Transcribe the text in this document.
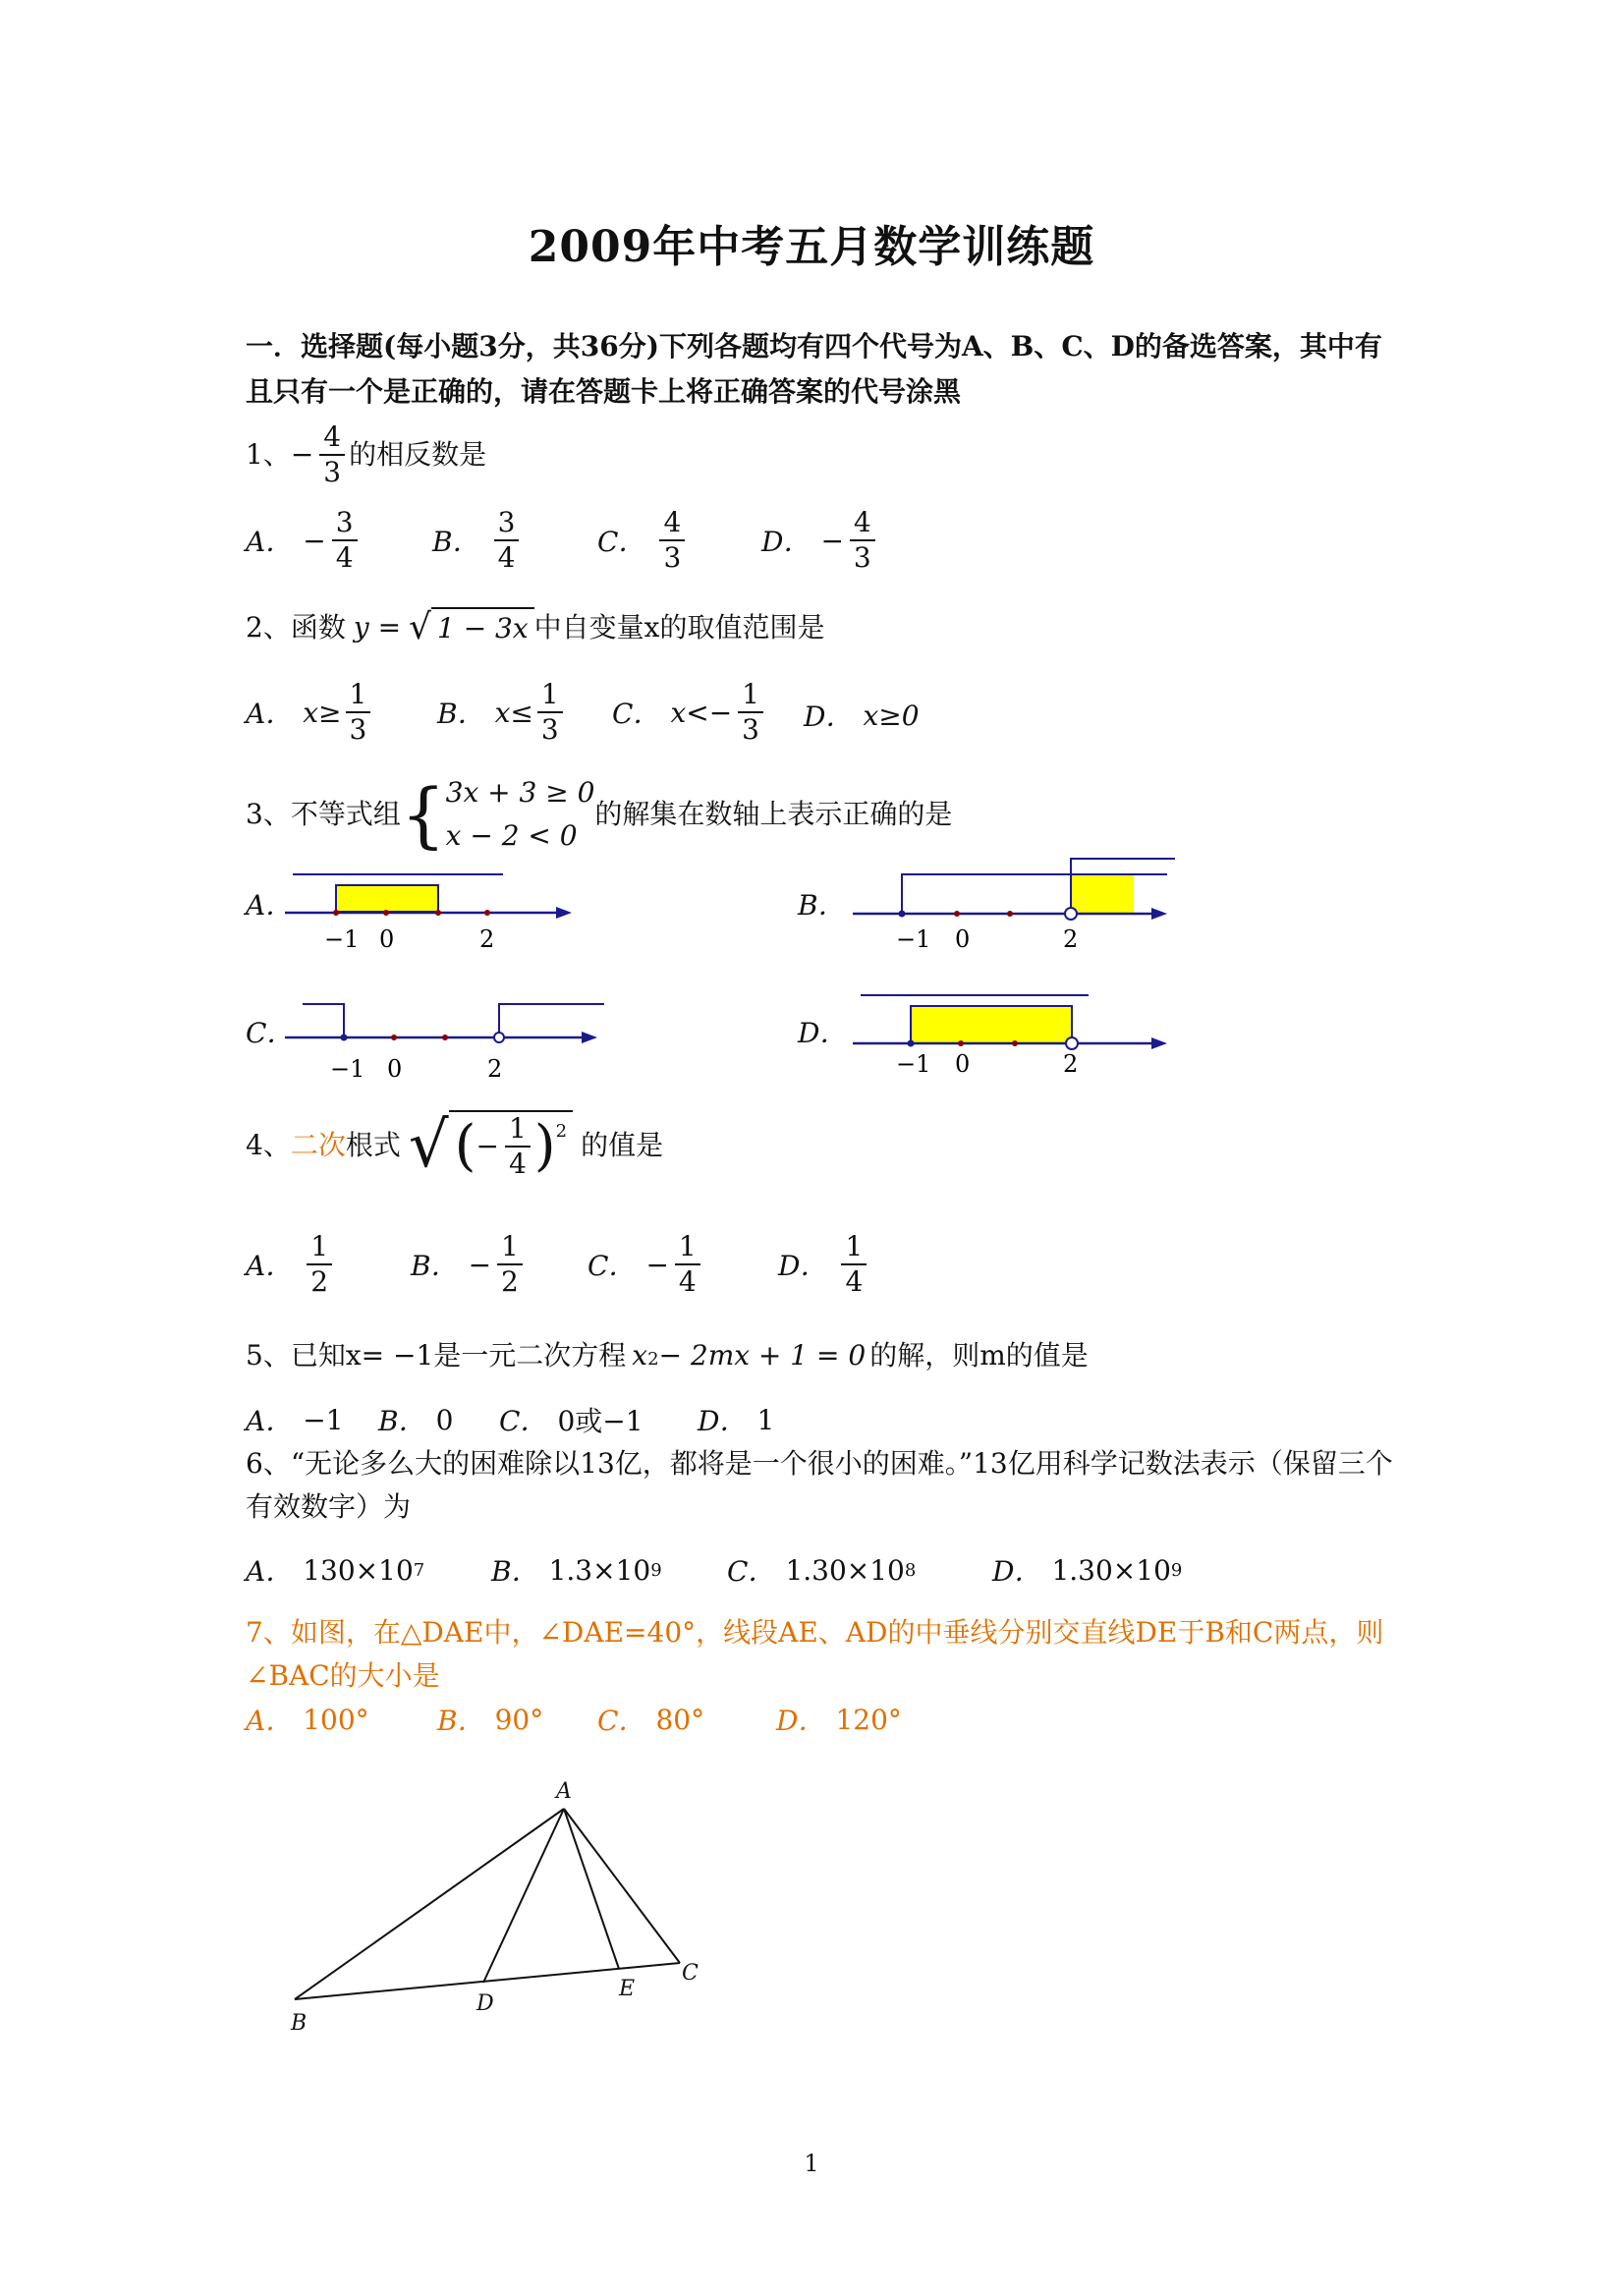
2009年中考五月数学训练题
一．选择题(每小题3分，共36分)下列各题均有四个代号为A、B、C、D的备选答案，其中有且只有一个是正确的，请在答题卡上将正确答案的代号涂黑
1、 − $\frac{4}{3}$ 的相反数是
A． − $\frac{3}{4}$	B． $\frac{3}{4}$	C． $\frac{4}{3}$	D． − $\frac{4}{3}$
2、 函数 y = √ 1 − 3x 中自变量x的取值范围是
A． $x\ge \frac{1}{3}$ B． $x\le \frac{1}{3}$ C． $x< - \frac{1}{3}$ D． x≥0
3、 不等式组 { 3x + 3 ≥ 0
x − 2 < 0
的解集在数轴上表示正确的是
A．
−1 0	2
B．
−1 0	2
C．
−1 0	2
D．
−1 0	2
4、 二次 根式 √ ( − $\frac{1}{4} )^2$ 的值是
A． $\frac{1}{2}$	B． − $\frac{1}{2}$ C． − $\frac{1}{4}$	D． $\frac{1}{4}$
5、 已知x= −1是一元二次方程 x 2 − 2mx + 1 = 0 的解，则m的值是
A． −1 B． 0 C． 0或−1 D． 1
6、“无论多么大的困难除以13亿，都将是一个很小的困难。”13亿用科学记数法表示（保留三个有效数字）为
A． 130×10 7 B． 1.3×10 9 C． 1.30×10 8	D． 1.30×10 9
7、如图，在△DAE中，∠DAE=40°，线段AE、AD的中垂线分别交直线DE于B和C两点，则∠BAC的大小是
A． 100° B． 90° C． 80°	D． 120°
A
B
C
D
E
1
